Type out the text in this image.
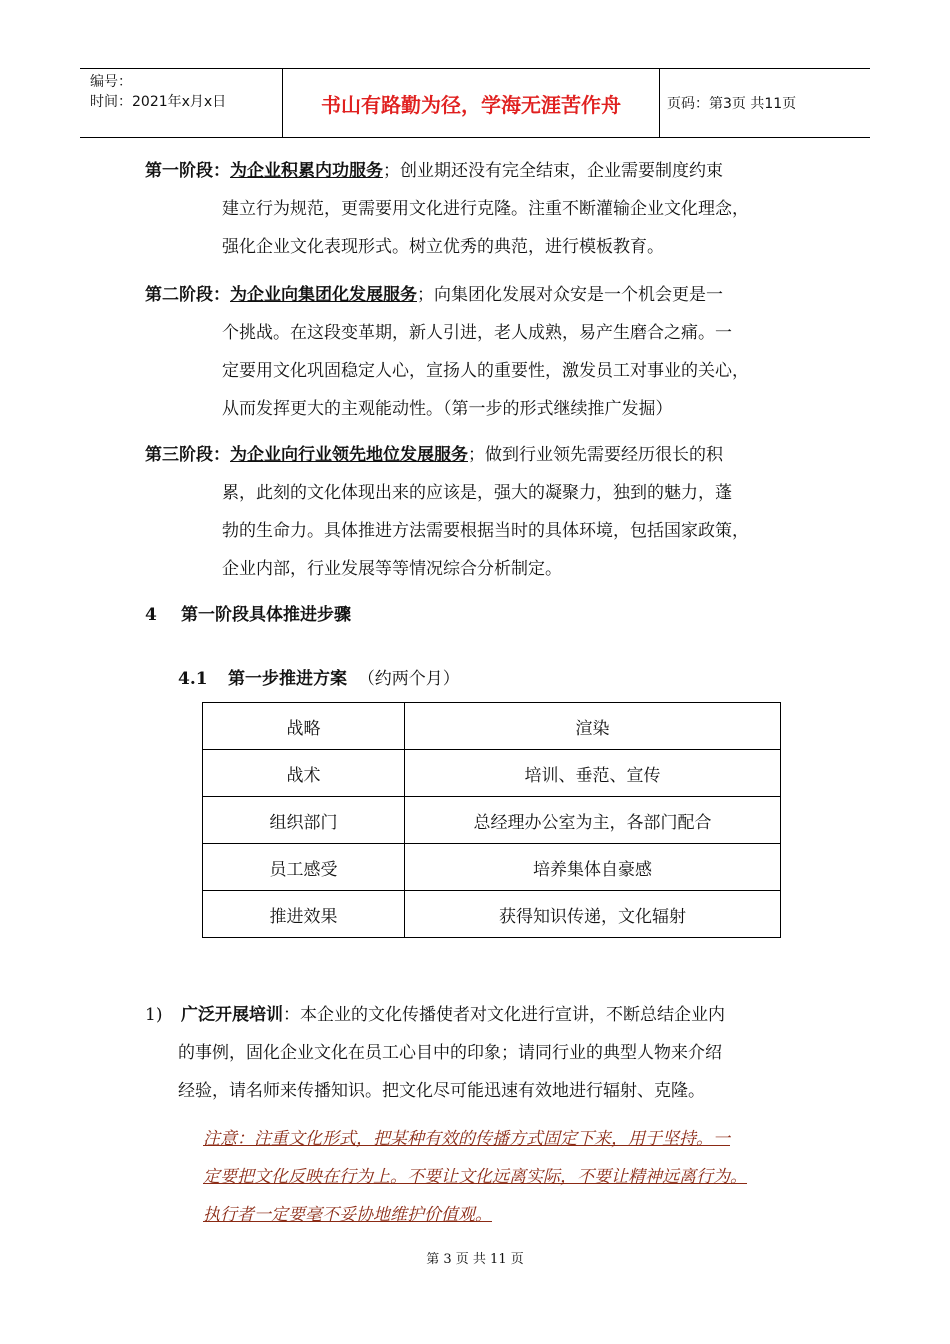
编号：
时间：2021年x月x日	书山有路勤为径，学海无涯苦作舟	页码：第3页 共11页
第一阶段：为企业积累内功服务；创业期还没有完全结束，企业需要制度约束
建立行为规范，更需要用文化进行克隆。注重不断灌输企业文化理念，
强化企业文化表现形式。树立优秀的典范，进行模板教育。
第二阶段：为企业向集团化发展服务；向集团化发展对众安是一个机会更是一
个挑战。在这段变革期，新人引进，老人成熟，易产生磨合之痛。一
定要用文化巩固稳定人心，宣扬人的重要性，激发员工对事业的关心，
从而发挥更大的主观能动性。（第一步的形式继续推广发掘）
第三阶段：为企业向行业领先地位发展服务；做到行业领先需要经历很长的积
累，此刻的文化体现出来的应该是，强大的凝聚力，独到的魅力，蓬
勃的生命力。具体推进方法需要根据当时的具体环境，包括国家政策，
企业内部，行业发展等等情况综合分析制定。
4 第一阶段具体推进步骤
4.1 第一步推进方案 （约两个月）
战略	渲染
战术	培训、垂范、宣传
组织部门	总经理办公室为主，各部门配合
员工感受	培养集体自豪感
推进效果	获得知识传递，文化辐射
1) 广泛开展培训：本企业的文化传播使者对文化进行宣讲，不断总结企业内
的事例，固化企业文化在员工心目中的印象；请同行业的典型人物来介绍
经验，请名师来传播知识。把文化尽可能迅速有效地进行辐射、克隆。
注意：注重文化形式，把某种有效的传播方式固定下来，用于坚持。一
定要把文化反映在行为上。不要让文化远离实际，不要让精神远离行为。
执行者一定要毫不妥协地维护价值观。
第 3 页 共 11 页
